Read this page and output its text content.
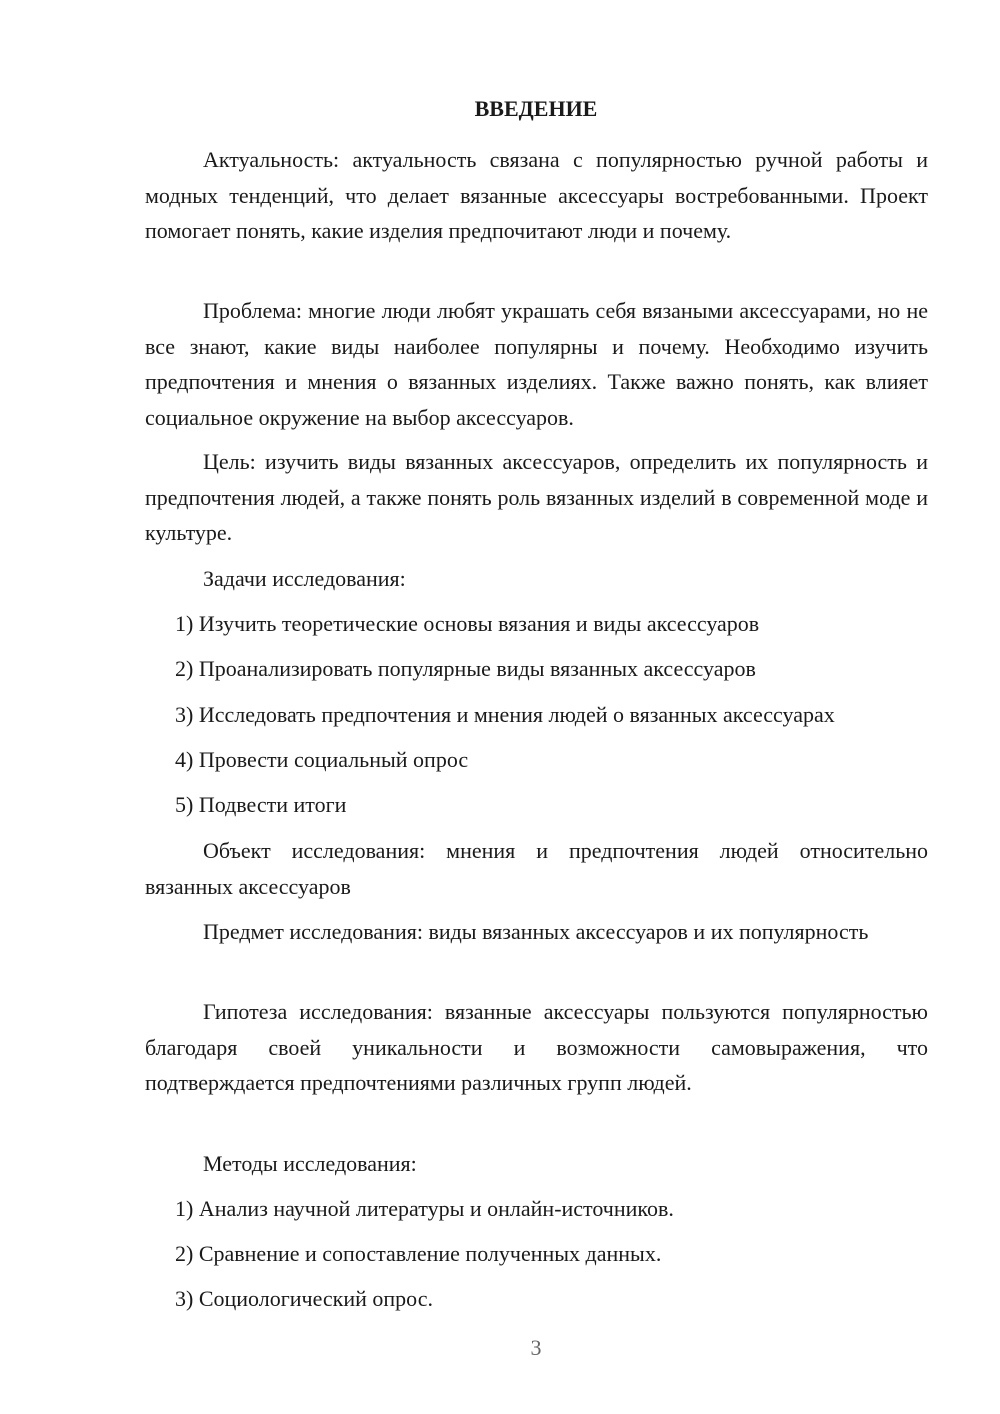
ВВЕДЕНИЕ

Актуальность: актуальность связана с популярностью ручной работы и модных тенденций, что делает вязанные аксессуары востребованными. Проект помогает понять, какие изделия предпочитают люди и почему.

Проблема: многие люди любят украшать себя вязаными аксессуарами, но не все знают, какие виды наиболее популярны и почему. Необходимо изучить предпочтения и мнения о вязанных изделиях. Также важно понять, как влияет социальное окружение на выбор аксессуаров.

Цель: изучить виды вязанных аксессуаров, определить их популярность и предпочтения людей, а также понять роль вязанных изделий в современной моде и культуре.

Задачи исследования:

1) Изучить теоретические основы вязания и виды аксессуаров

2) Проанализировать популярные виды вязанных аксессуаров

3) Исследовать предпочтения и мнения людей о вязанных аксессуарах

4) Провести социальный опрос

5) Подвести итоги

Объект исследования: мнения и предпочтения людей относительно вязанных аксессуаров

Предмет исследования: виды вязанных аксессуаров и их популярность

Гипотеза исследования: вязанные аксессуары пользуются популярностью благодаря своей уникальности и возможности самовыражения, что подтверждается предпочтениями различных групп людей.

Методы исследования:

1) Анализ научной литературы и онлайн-источников.

2) Сравнение и сопоставление полученных данных.

3) Социологический опрос.

3
